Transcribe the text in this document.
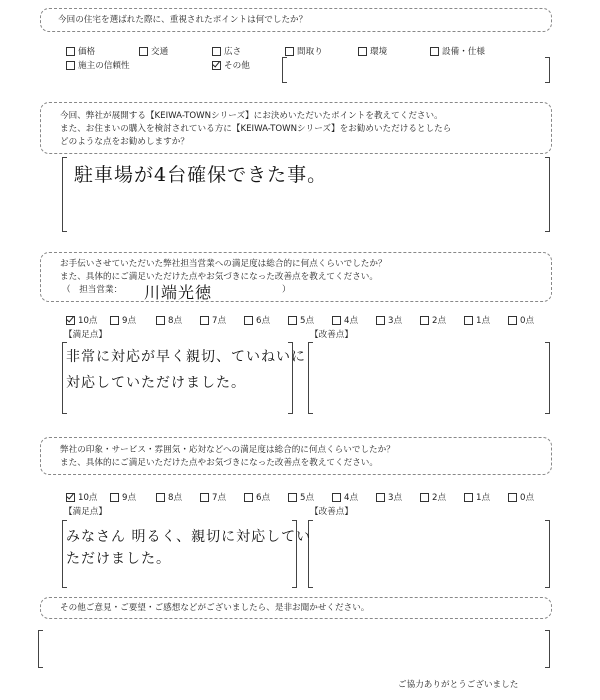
今回の住宅を選ばれた際に、重視されたポイントは何でしたか？
価格	交通	広さ	間取り	環境	設備・仕様
施主の信頼性	その他
今回、弊社が展開する【KEIWA-TOWNシリーズ】にお決めいただいたポイントを教えてください。
また、お住まいの購入を検討されている方に【KEIWA-TOWNシリーズ】をお勧めいただけるとしたら
どのような点をお勧めしますか？
駐車場が4台確保できた事。
お手伝いさせていただいた弊社担当営業への満足度は総合的に何点くらいでしたか？
また、具体的にご満足いただけた点やお気づきになった改善点を教えてください。
（　担当営業：	）
川端光徳
10点	9点	8点	7点	6点	5点	4点	3点	2点	1点	0点
【満足点】	【改善点】
非常に対応が早く親切、ていねいに
対応していただけました。
弊社の印象・サービス・雰囲気・応対などへの満足度は総合的に何点くらいでしたか？
また、具体的にご満足いただけた点やお気づきになった改善点を教えてください。
10点	9点	8点	7点	6点	5点	4点	3点	2点	1点	0点
【満足点】	【改善点】
みなさん 明るく、親切に対応してい
ただけました。
その他ご意見・ご要望・ご感想などがございましたら、是非お聞かせください。
ご協力ありがとうございました
